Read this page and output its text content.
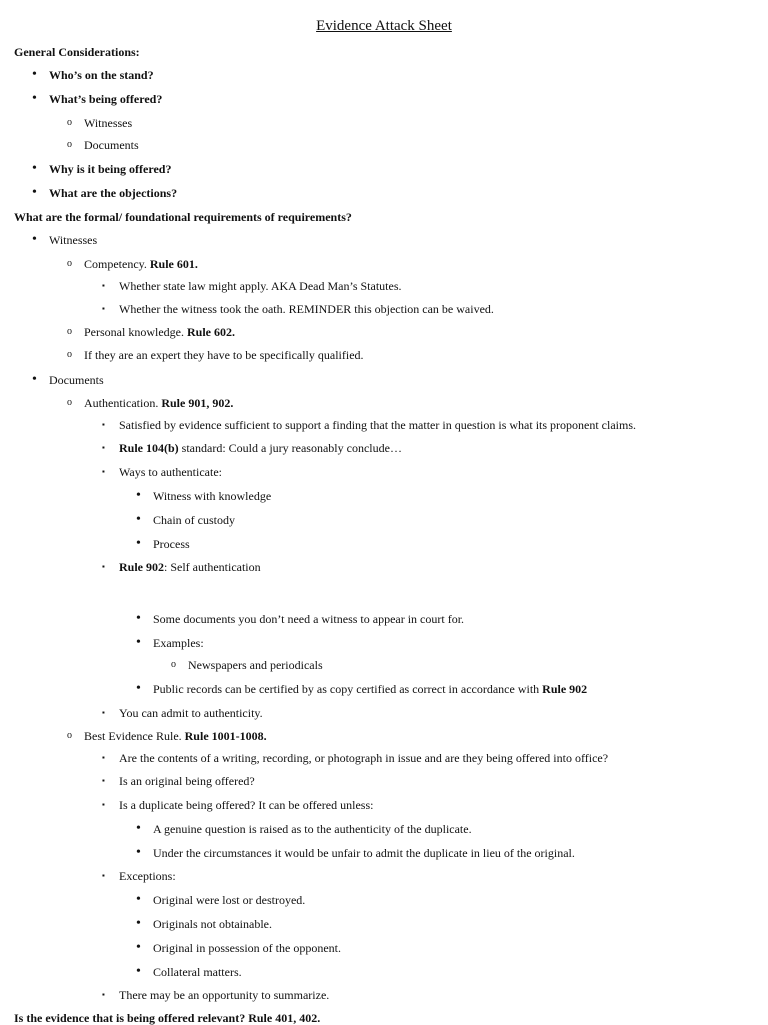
Evidence Attack Sheet
General Considerations:
• Who’s on the stand?
• What’s being offered?
o Witnesses
o Documents
• Why is it being offered?
• What are the objections?
What are the formal/ foundational requirements of requirements?
• Witnesses
o Competency. Rule 601.
▪ Whether state law might apply. AKA Dead Man’s Statutes.
▪ Whether the witness took the oath. REMINDER this objection can be waived.
o Personal knowledge. Rule 602.
o If they are an expert they have to be specifically qualified.
• Documents
o Authentication. Rule 901, 902.
▪ Satisfied by evidence sufficient to support a finding that the matter in question is what its proponent claims.
▪ Rule 104(b) standard: Could a jury reasonably conclude…
▪ Ways to authenticate:
• Witness with knowledge
• Chain of custody
• Process
▪ Rule 902: Self authentication
• Some documents you don’t need a witness to appear in court for.
• Examples:
o Newspapers and periodicals
• Public records can be certified by as copy certified as correct in accordance with Rule 902
▪ You can admit to authenticity.
o Best Evidence Rule. Rule 1001-1008.
▪ Are the contents of a writing, recording, or photograph in issue and are they being offered into office?
▪ Is an original being offered?
▪ Is a duplicate being offered? It can be offered unless:
• A genuine question is raised as to the authenticity of the duplicate.
• Under the circumstances it would be unfair to admit the duplicate in lieu of the original.
▪ Exceptions:
• Original were lost or destroyed.
• Originals not obtainable.
• Original in possession of the opponent.
• Collateral matters.
▪ There may be an opportunity to summarize.
Is the evidence that is being offered relevant? Rule 401, 402.
